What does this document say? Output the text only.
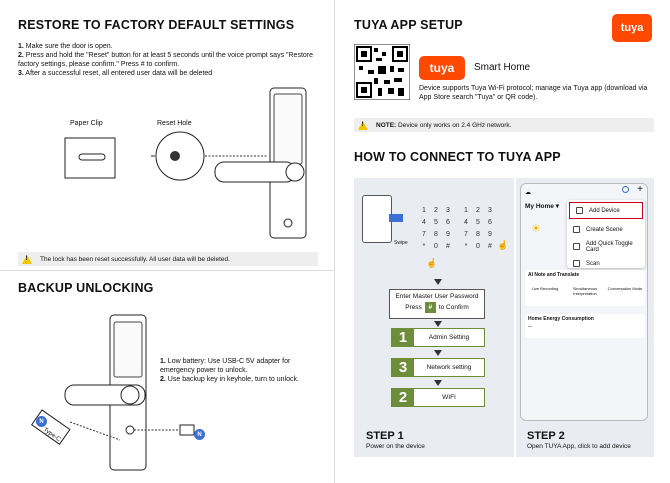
RESTORE TO FACTORY DEFAULT SETTINGS
1. Make sure the door is open.
2. Press and hold the "Reset" button for at least 5 seconds until the voice prompt says "Restore factory settings, please confirm." Press # to confirm.
3. After a successful reset, all entered user data will be deleted
Paper Clip	Reset Hole
!
The lock has been reset successfully. All user data will be deleted.
BACKUP UNLOCKING
1. Low battery: Use USB-C 5V adapter for emergency power to unlock.
2. Use backup key in keyhole, turn to unlock.
Type-C
N
N
TUYA APP SETUP	tuya
tuya	Smart Home
Device supports Tuya Wi-Fi protocol; manage via Tuya app (download via App Store search "Tuya" or QR code).
!
NOTE:
Device only works on 2.4 GHz network.
HOW TO CONNECT TO TUYA APP
Swipe
1 2 3 1 2 3
4 5 6 4 5 6
7 8 9 7 8 9
* 0 # * 0 #
☝
☝
Enter Master User Password
Press	#	to Confirm
1	Admin Setting
3	Network setting
2	WIFI
STEP 1
Power on the device
☁	+
My Home ▾
☀
Add Device
Create Scene
Add Quick Toggle Card
Scan
AI Note and Translate
Live Recording	Simultaneous Interpretation
Conversation Mode
Home Energy Consumption
--
STEP 2
Open TUYA App, click to add device
